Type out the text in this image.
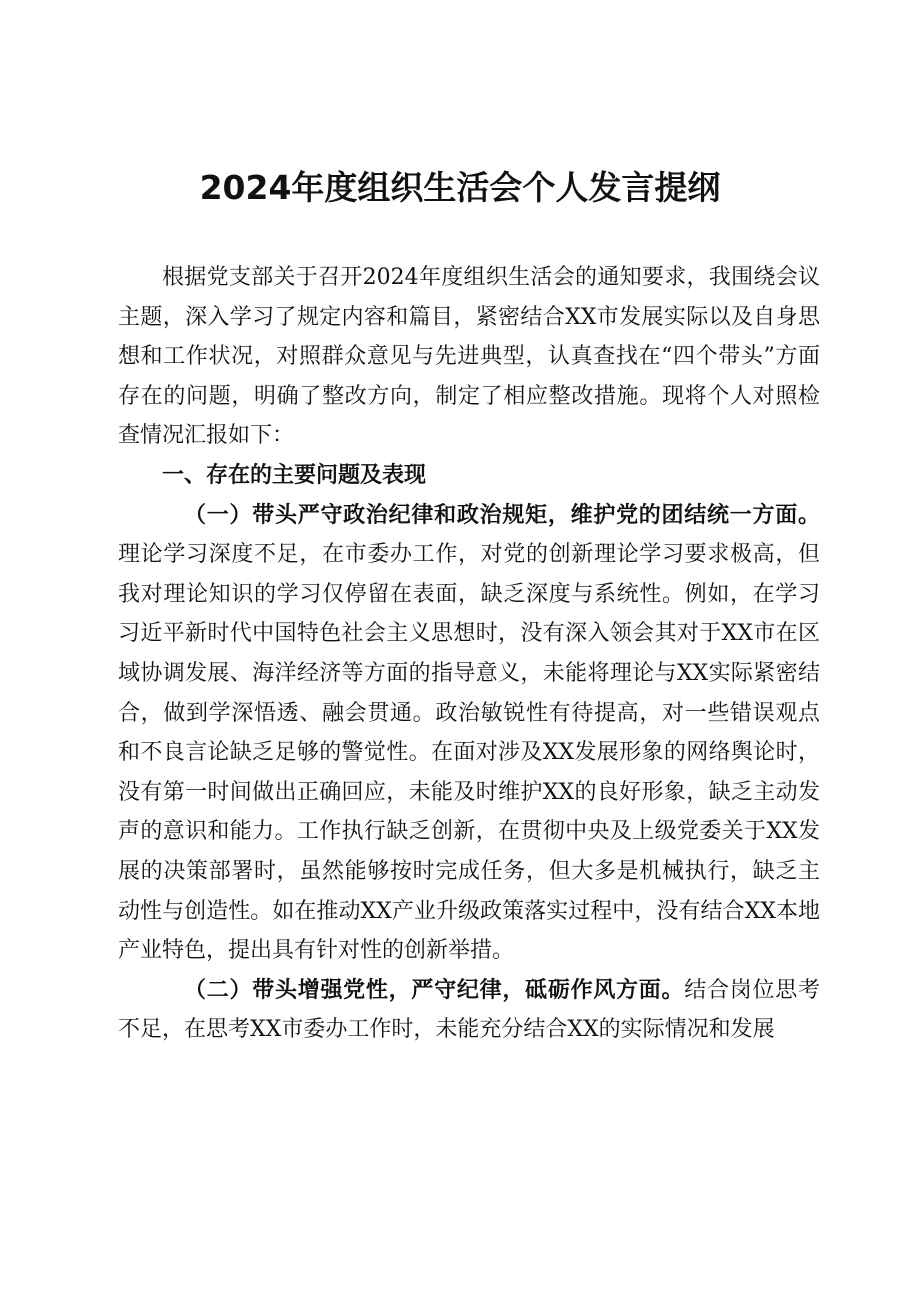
2024年度组织生活会个人发言提纲

根据党支部关于召开2024年度组织生活会的通知要求，我围绕会议主题，深入学习了规定内容和篇目，紧密结合XX市发展实际以及自身思想和工作状况，对照群众意见与先进典型，认真查找在“四个带头”方面存在的问题，明确了整改方向，制定了相应整改措施。现将个人对照检查情况汇报如下：

一、存在的主要问题及表现

（一）带头严守政治纪律和政治规矩，维护党的团结统一方面。理论学习深度不足，在市委办工作，对党的创新理论学习要求极高，但我对理论知识的学习仅停留在表面，缺乏深度与系统性。例如，在学习习近平新时代中国特色社会主义思想时，没有深入领会其对于XX市在区域协调发展、海洋经济等方面的指导意义，未能将理论与XX实际紧密结合，做到学深悟透、融会贯通。政治敏锐性有待提高，对一些错误观点和不良言论缺乏足够的警觉性。在面对涉及XX发展形象的网络舆论时，没有第一时间做出正确回应，未能及时维护XX的良好形象，缺乏主动发声的意识和能力。工作执行缺乏创新，在贯彻中央及上级党委关于XX发展的决策部署时，虽然能够按时完成任务，但大多是机械执行，缺乏主动性与创造性。如在推动XX产业升级政策落实过程中，没有结合XX本地产业特色，提出具有针对性的创新举措。

（二）带头增强党性，严守纪律，砥砺作风方面。结合岗位思考不足，在思考XX市委办工作时，未能充分结合XX的实际情况和发展
